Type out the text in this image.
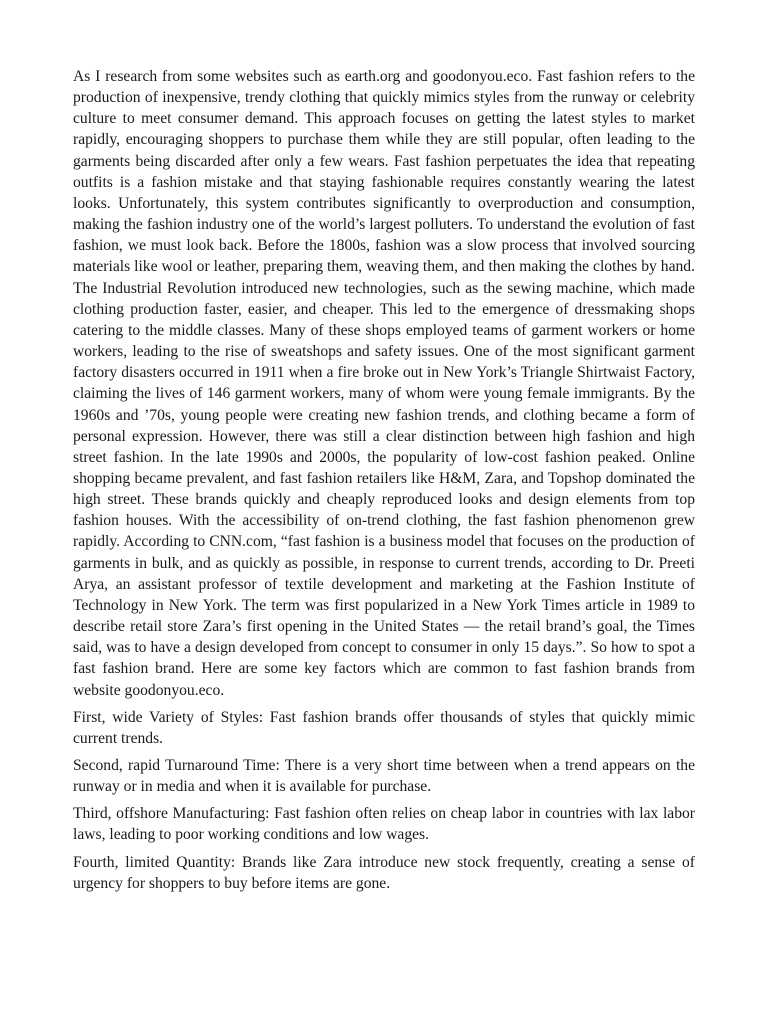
As I research from some websites such as earth.org and goodonyou.eco. Fast fashion refers to the production of inexpensive, trendy clothing that quickly mimics styles from the runway or celebrity culture to meet consumer demand. This approach focuses on getting the latest styles to market rapidly, encouraging shoppers to purchase them while they are still popular, often leading to the garments being discarded after only a few wears. Fast fashion perpetuates the idea that repeating outfits is a fashion mistake and that staying fashionable requires constantly wearing the latest looks. Unfortunately, this system contributes significantly to overproduction and consumption, making the fashion industry one of the world’s largest polluters. To understand the evolution of fast fashion, we must look back. Before the 1800s, fashion was a slow process that involved sourcing materials like wool or leather, preparing them, weaving them, and then making the clothes by hand. The Industrial Revolution introduced new technologies, such as the sewing machine, which made clothing production faster, easier, and cheaper. This led to the emergence of dressmaking shops catering to the middle classes. Many of these shops employed teams of garment workers or home workers, leading to the rise of sweatshops and safety issues. One of the most significant garment factory disasters occurred in 1911 when a fire broke out in New York’s Triangle Shirtwaist Factory, claiming the lives of 146 garment workers, many of whom were young female immigrants. By the 1960s and ’70s, young people were creating new fashion trends, and clothing became a form of personal expression. However, there was still a clear distinction between high fashion and high street fashion. In the late 1990s and 2000s, the popularity of low-cost fashion peaked. Online shopping became prevalent, and fast fashion retailers like H&M, Zara, and Topshop dominated the high street. These brands quickly and cheaply reproduced looks and design elements from top fashion houses. With the accessibility of on-trend clothing, the fast fashion phenomenon grew rapidly. According to CNN.com, “fast fashion is a business model that focuses on the production of garments in bulk, and as quickly as possible, in response to current trends, according to Dr. Preeti Arya, an assistant professor of textile development and marketing at the Fashion Institute of Technology in New York. The term was first popularized in a New York Times article in 1989 to describe retail store Zara’s first opening in the United States — the retail brand’s goal, the Times said, was to have a design developed from concept to consumer in only 15 days.”. So how to spot a fast fashion brand. Here are some key factors which are common to fast fashion brands from website goodonyou.eco.

First, wide Variety of Styles: Fast fashion brands offer thousands of styles that quickly mimic current trends.

Second, rapid Turnaround Time: There is a very short time between when a trend appears on the runway or in media and when it is available for purchase.

Third, offshore Manufacturing: Fast fashion often relies on cheap labor in countries with lax labor laws, leading to poor working conditions and low wages.

Fourth, limited Quantity: Brands like Zara introduce new stock frequently, creating a sense of urgency for shoppers to buy before items are gone.
